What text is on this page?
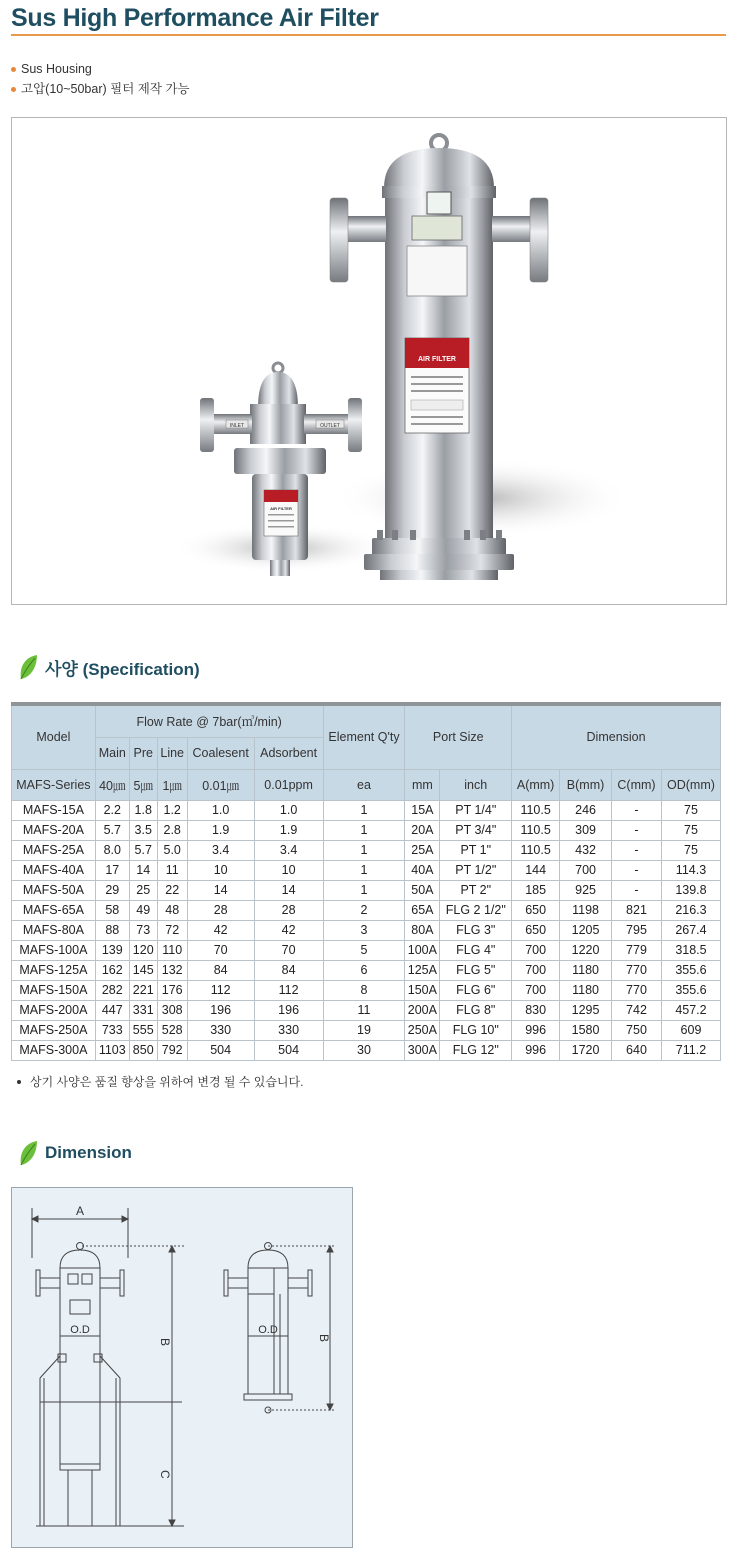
Sus High Performance Air Filter
Sus Housing
고압(10~50bar) 필터 제작 가능
AIR FILTER
INLET	OUTLET
AIR FILTER
사양 (Specification)
Model	Flow Rate @ 7bar(㎥/min)					Element Q'ty	Port Size		Dimension			
	Main	Pre	Line	Coalesent	Adsorbent							
MAFS-Series	40㎛	5㎛	1㎛	0.01㎛	0.01ppm	ea	mm	inch	A(mm)	B(mm)	C(mm)	OD(mm)
MAFS-15A	2.2	1.8	1.2	1.0	1.0	1	15A	PT 1/4"	110.5	246	-	75
MAFS-20A	5.7	3.5	2.8	1.9	1.9	1	20A	PT 3/4"	110.5	309	-	75
MAFS-25A	8.0	5.7	5.0	3.4	3.4	1	25A	PT 1"	110.5	432	-	75
MAFS-40A	17	14	11	10	10	1	40A	PT 1/2"	144	700	-	114.3
MAFS-50A	29	25	22	14	14	1	50A	PT 2"	185	925	-	139.8
MAFS-65A	58	49	48	28	28	2	65A	FLG 2 1/2"	650	1198	821	216.3
MAFS-80A	88	73	72	42	42	3	80A	FLG 3"	650	1205	795	267.4
MAFS-100A	139	120	110	70	70	5	100A	FLG 4"	700	1220	779	318.5
MAFS-125A	162	145	132	84	84	6	125A	FLG 5"	700	1180	770	355.6
MAFS-150A	282	221	176	112	112	8	150A	FLG 6"	700	1180	770	355.6
MAFS-200A	447	331	308	196	196	11	200A	FLG 8"	830	1295	742	457.2
MAFS-250A	733	555	528	330	330	19	250A	FLG 10"	996	1580	750	609
MAFS-300A	1103	850	792	504	504	30	300A	FLG 12"	996	1720	640	711.2
상기 사양은 품질 향상을 위하여 변경 될 수 있습니다.
Dimension
A
O.D	O.D
B
C
B
